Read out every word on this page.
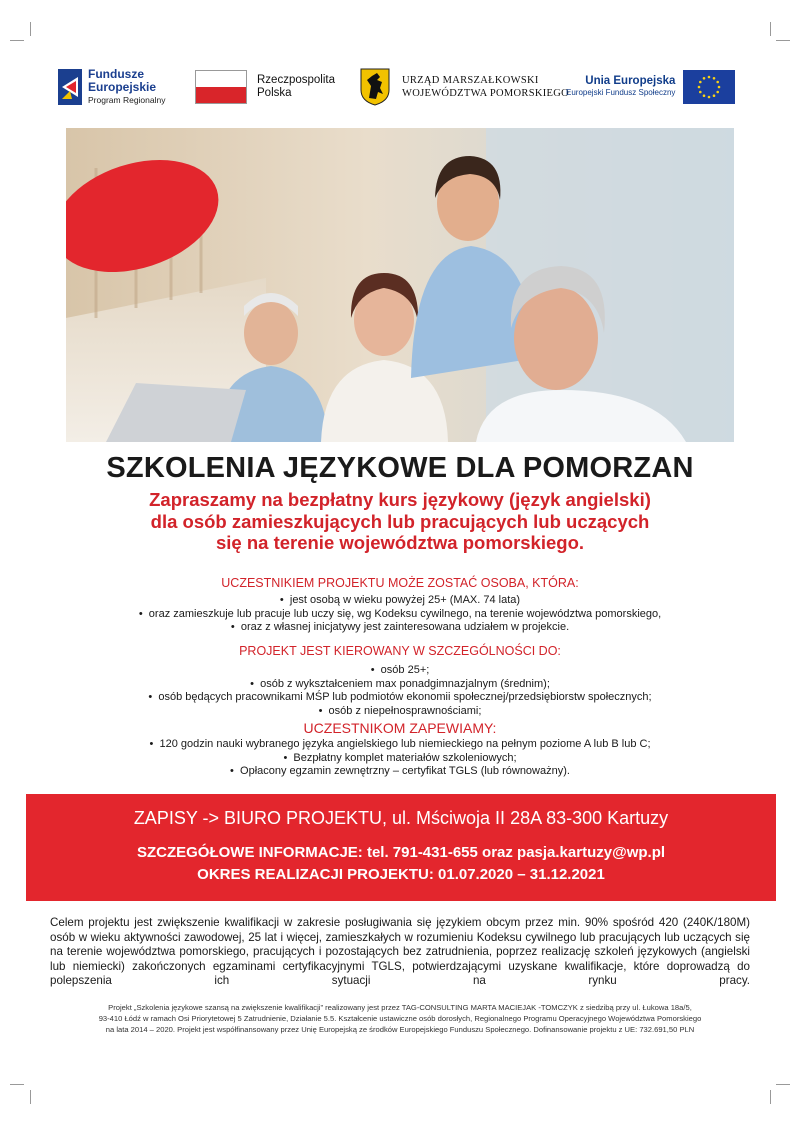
Fundusze
Europejskie
Program Regionalny
Rzeczpospolita
Polska
URZĄD MARSZAŁKOWSKI
WOJEWÓDZTWA POMORSKIEGO
Unia Europejska
Europejski Fundusz Społeczny
SZKOLENIA JĘZYKOWE DLA POMORZAN
Zapraszamy na bezpłatny kurs językowy (język angielski)
dla osób zamieszkujących lub pracujących lub uczących
się na terenie województwa pomorskiego.
UCZESTNIKIEM PROJEKTU MOŻE ZOSTAĆ OSOBA, KTÓRA:
•  jest osobą w wieku powyżej 25+ (MAX. 74 lata)
•  oraz zamieszkuje lub pracuje lub uczy się, wg Kodeksu cywilnego, na terenie województwa pomorskiego,
•  oraz z własnej inicjatywy jest zainteresowana udziałem w projekcie.
PROJEKT JEST KIEROWANY W SZCZEGÓLNOŚCI DO:
•  osób 25+;
•  osób z wykształceniem max ponadgimnazjalnym (średnim);
•  osób będących pracownikami MŚP lub podmiotów ekonomii społecznej/przedsiębiorstw społecznych;
•  osób z niepełnosprawnościami;
UCZESTNIKOM ZAPEWIAMY:
•  120 godzin nauki wybranego języka angielskiego lub niemieckiego na pełnym poziome A lub B lub C;
•  Bezpłatny komplet materiałów szkoleniowych;
•  Opłacony egzamin zewnętrzny – certyfikat TGLS (lub równoważny).
ZAPISY -> BIURO PROJEKTU, ul. Mściwoja II 28A 83-300 Kartuzy
SZCZEGÓŁOWE INFORMACJE: tel. 791-431-655 oraz pasja.kartuzy@wp.pl
OKRES REALIZACJI PROJEKTU: 01.07.2020 – 31.12.2021
Celem projektu jest zwiększenie kwalifikacji w zakresie posługiwania się językiem obcym przez min. 90% spośród 420 (240K/180M) osób w wieku aktywności zawodowej, 25 lat i więcej, zamieszkałych w rozumieniu Kodeksu cywilnego lub pracujących lub uczących się na terenie województwa pomorskiego, pracujących i pozostających bez zatrudnienia, poprzez realizację szkoleń językowych (angielski lub niemiecki) zakończonych egzaminami certyfikacyjnymi TGLS, potwierdzającymi uzyskane kwalifikacje, które doprowadzą do polepszenia ich sytuacji na rynku pracy.
Projekt „Szkolenia językowe szansą na zwiększenie kwalifikacji” realizowany jest przez TAG-CONSULTING MARTA MACIEJAK -TOMCZYK z siedzibą przy ul. Łukowa 18a/5,
93-410 Łódź w ramach Osi Priorytetowej 5 Zatrudnienie, Działanie 5.5. Kształcenie ustawiczne osób dorosłych, Regionalnego Programu Operacyjnego Województwa Pomorskiego
na lata 2014 – 2020. Projekt jest współfinansowany przez Unię Europejską ze środków Europejskiego Funduszu Społecznego. Dofinansowanie projektu z UE: 732.691,50 PLN
